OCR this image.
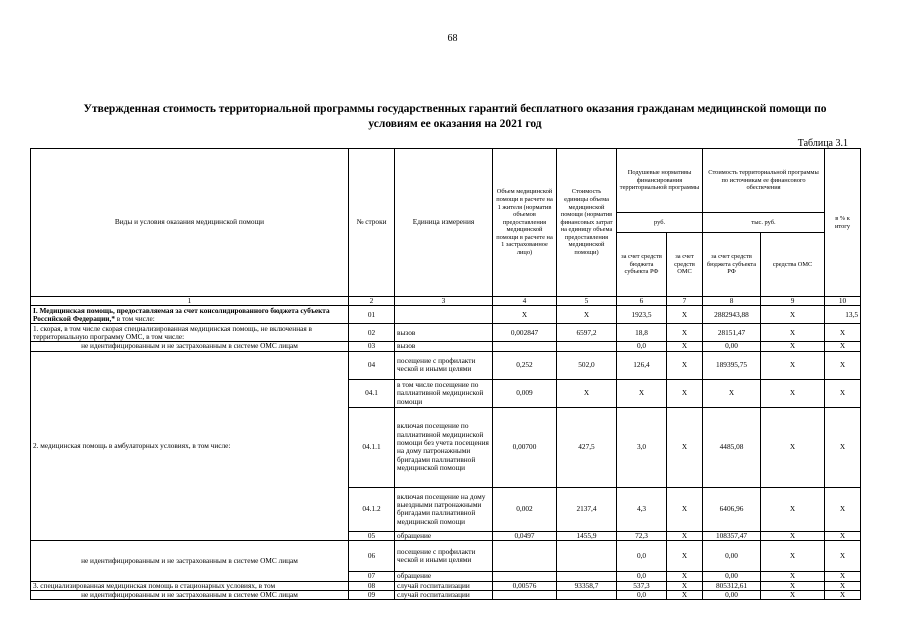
68
Утвержденная стоимость территориальной программы государственных гарантий бесплатного оказания гражданам медицинской помощи по
условиям ее оказания на 2021 год
Таблица 3.1
Виды и условия оказания медицинской помощи	№ строки	Единица измерения	Объем медицинской помощи в расчете на 1 жителя (норматив объемов предоставления медицинской помощи в расчете на 1 застрахованное лицо)	Стоимость единицы объема медицинской помощи (норматив финансовых затрат на единицу объема предоставления медицинской помощи)	Подушевые нормативы финансирования территориальной программы		Стоимость территориальной программы по источникам ее финансового обеспечения		в % к итогу
					руб.		тыс. руб.		
					за счет средств бюджета субъекта РФ	за счет средств ОМС	за счет средств бюджета субъекта РФ	средства ОМС	
1	2	3	4	5	6	7	8	9	10
I. Медицинская помощь, предоставляемая за счет консолидированного бюджета субъекта Российской Федерации,* в том числе:	01		Х	Х	1923,5	Х	2882943,88	Х	13,5
1. скорая, в том числе скорая специализированная медицинская помощь, не включенная в территориальную программу ОМС, в том числе:	02	вызов	0,002847	6597,2	18,8	Х	28151,47	Х	Х
не идентифицированным и не застрахованным в системе ОМС лицам	03	вызов			0,0	Х	0,00	Х	Х
2. медицинская помощь в амбулаторных условиях, в том числе:	04	посещение с профилакти ческой и иными целями	0,252	502,0	126,4	Х	189395,75	Х	Х
	04.1	в том числе посещение по паллиативной медицинской помощи	0,009	Х	Х	Х	Х	Х	Х
	04.1.1	включая посещение по паллиативной медицинской помощи без учета посещения на дому патронажными бригадами паллиативной медицинской помощи	0,00700	427,5	3,0	Х	4485,08	Х	Х
	04.1.2	включая посещение на дому выездными патронажными бригадами паллиативной медицинской помощи	0,002	2137,4	4,3	Х	6406,96	Х	Х
	05	обращение	0,0497	1455,9	72,3	Х	108357,47	Х	Х
не идентифицированным и не застрахованным в системе ОМС лицам	06	посещение с профилакти ческой и иными целями			0,0	Х	0,00	Х	Х
	07	обращение			0,0	Х	0,00	Х	Х
3. специализированная медицинская помощь в стационарных условиях, в том	08	случай госпитализации	0,00576	93358,7	537,3	Х	805312,61	Х	Х
не идентифицированным и не застрахованным в системе ОМС лицам	09	случай госпитализации			0,0	Х	0,00	Х	Х
